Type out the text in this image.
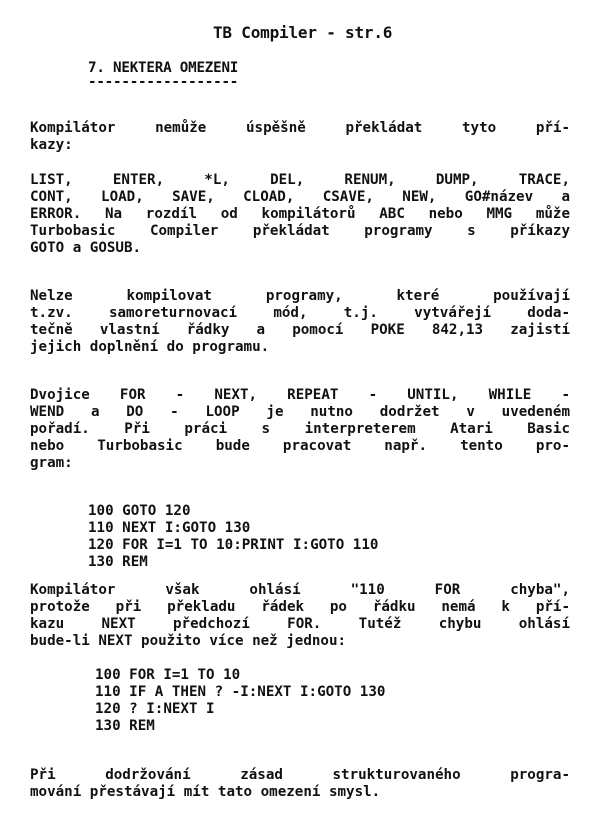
TB Compiler - str.6
7. NEKTERA OMEZENI
------------------
Kompilátor nemůže úspěšně překládat tyto pří-
kazy:
LIST, ENTER, *L, DEL, RENUM, DUMP, TRACE,
CONT, LOAD, SAVE, CLOAD, CSAVE, NEW, GO#název a
ERROR. Na rozdíl od kompilátorů ABC nebo MMG může
Turbobasic Compiler překládat programy s příkazy
GOTO a GOSUB.
Nelze kompilovat programy, které používají
t.zv. samoreturnovací mód, t.j. vytvářejí doda-
tečně vlastní řádky a pomocí POKE 842,13 zajistí
jejich doplnění do programu.
Dvojice FOR - NEXT, REPEAT - UNTIL, WHILE -
WEND a DO - LOOP je nutno dodržet v uvedeném
pořadí. Při práci s interpreterem Atari Basic
nebo Turbobasic bude pracovat např. tento pro-
gram:
100 GOTO 120
110 NEXT I:GOTO 130
120 FOR I=1 TO 10:PRINT I:GOTO 110
130 REM
Kompilátor však ohlásí "110 FOR chyba",
protože při překladu řádek po řádku nemá k pří-
kazu NEXT předchozí FOR. Tutéž chybu ohlásí
bude-li NEXT použito více než jednou:
100 FOR I=1 TO 10
110 IF A THEN ? -I:NEXT I:GOTO 130
120 ? I:NEXT I
130 REM
Při dodržování zásad strukturovaného progra-
mování přestávají mít tato omezení smysl.
